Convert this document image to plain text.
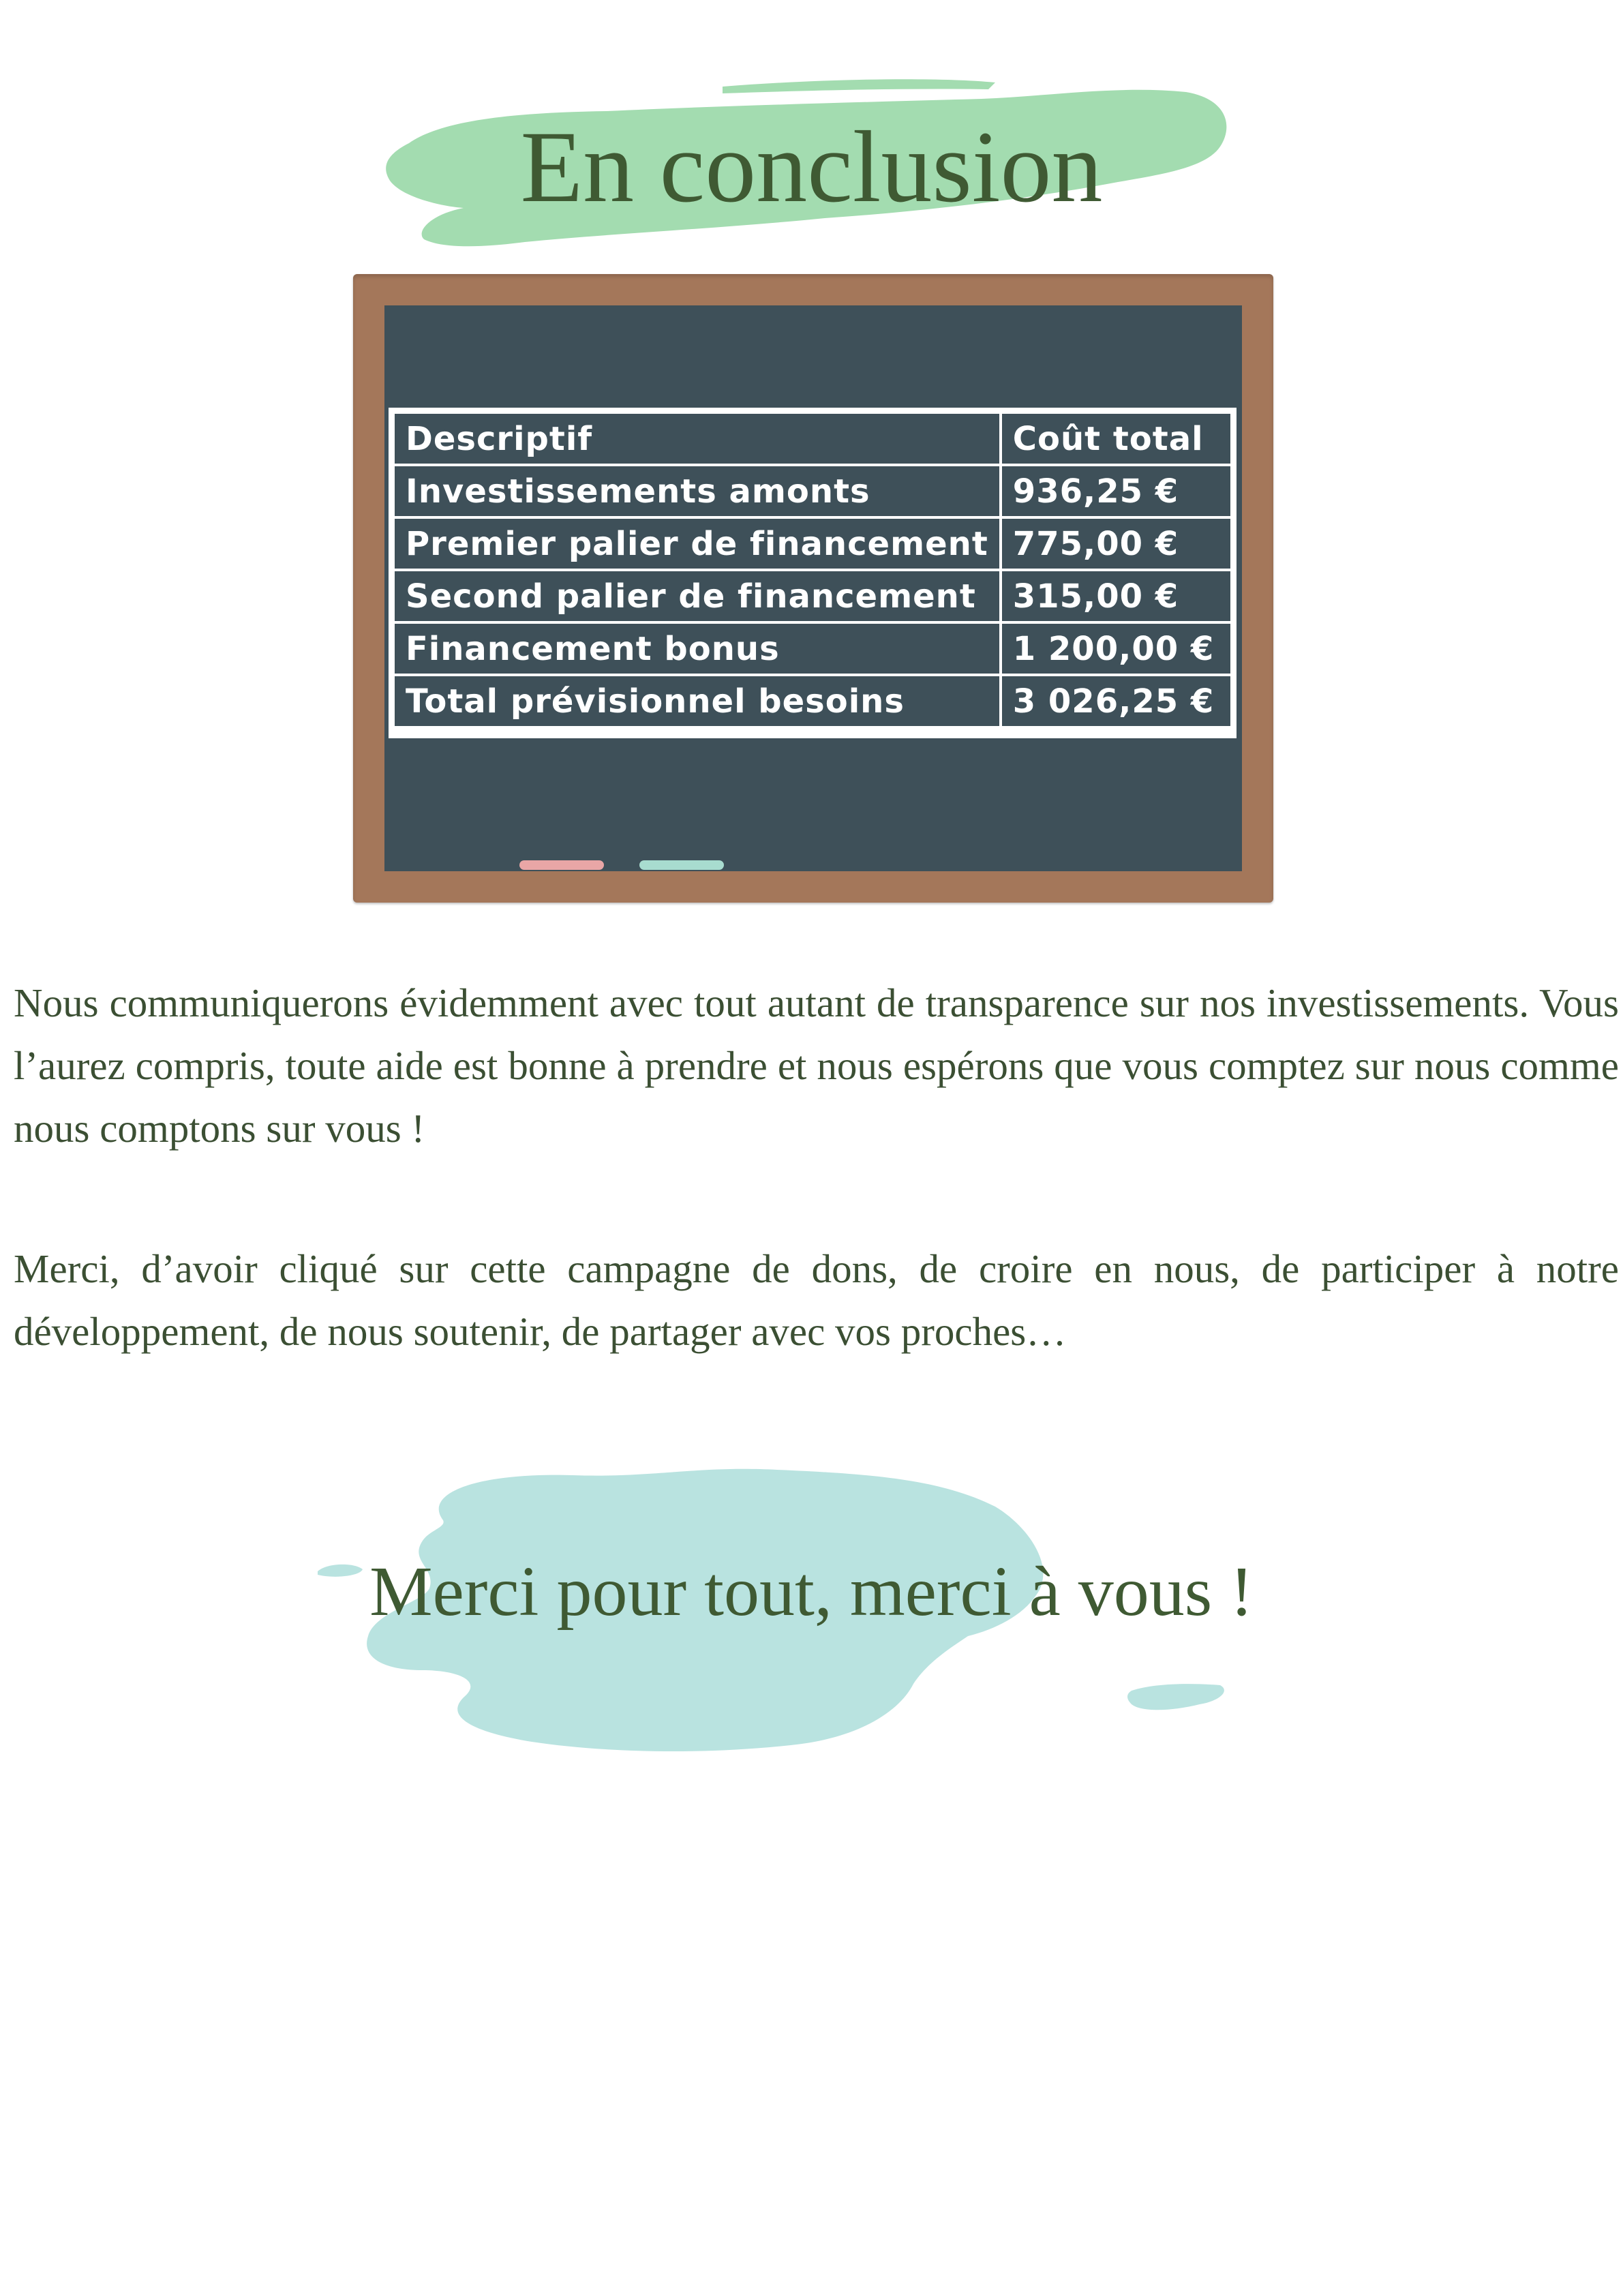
En conclusion
Descriptif	Coût total
Investissements amonts	936,25 €
Premier palier de financement	775,00 €
Second palier de financement	315,00 €
Financement bonus	1 200,00 €
Total prévisionnel besoins	3 026,25 €

Nous communiquerons évidemment avec tout autant de transparence sur nos investissements. Vous l’aurez compris, toute aide est bonne à prendre et nous espérons que vous comptez sur nous comme nous comptons sur vous !

Merci, d’avoir cliqué sur cette campagne de dons, de croire en nous, de participer à notre développement, de nous soutenir, de partager avec vos proches…

Merci pour tout, merci à vous !
